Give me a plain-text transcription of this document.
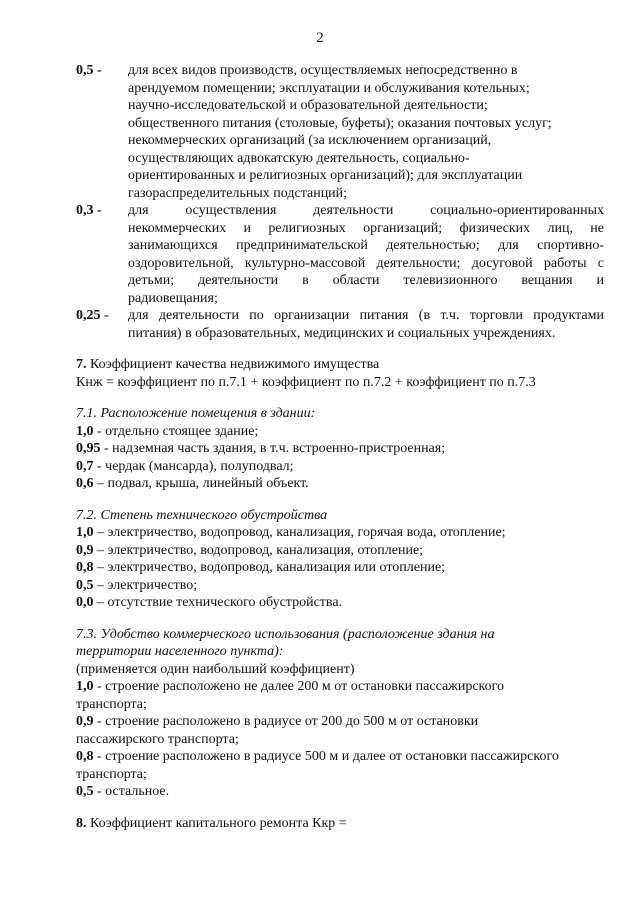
2
0,5 -	для всех видов производств, осуществляемых непосредственно в
арендуемом помещении; эксплуатации и обслуживания котельных;
научно-исследовательской и образовательной деятельности;
общественного питания (столовые, буфеты); оказания почтовых услуг;
некоммерческих организаций (за исключением организаций,
осуществляющих адвокатскую деятельность, социально-
ориентированных и религиозных организаций); для эксплуатации
газораспределительных подстанций;
0,3 -	для осуществления деятельности социально-ориентированных
некоммерческих и религиозных организаций; физических лиц, не
занимающихся предпринимательской деятельностью; для спортивно-
оздоровительной, культурно-массовой деятельности; досуговой работы с
детьми; деятельности в области телевизионного вещания и
радиовещания;
0,25 -	для деятельности по организации питания (в т.ч. торговли продуктами
питания) в образовательных, медицинских и социальных учреждениях.
7. Коэффициент качества недвижимого имущества
Кнж = коэффициент по п.7.1 + коэффициент по п.7.2 + коэффициент по п.7.3
7.1. Расположение помещения в здании:
1,0 - отдельно стоящее здание;
0,95 - надземная часть здания, в т.ч. встроенно-пристроенная;
0,7 - чердак (мансарда), полуподвал;
0,6 – подвал, крыша, линейный объект.
7.2. Степень технического обустройства
1,0 – электричество, водопровод, канализация, горячая вода, отопление;
0,9 – электричество, водопровод, канализация, отопление;
0,8 – электричество, водопровод, канализация или отопление;
0,5 – электричество;
0,0 – отсутствие технического обустройства.
7.3. Удобство коммерческого использования (расположение здания на
территории населенного пункта):
(применяется один наибольший коэффициент)
1,0 - строение расположено не далее 200 м от остановки пассажирского
транспорта;
0,9 - строение расположено в радиусе от 200 до 500 м от остановки
пассажирского транспорта;
0,8 - строение расположено в радиусе 500 м и далее от остановки пассажирского
транспорта;
0,5 - остальное.
8. Коэффициент капитального ремонта Ккр =
